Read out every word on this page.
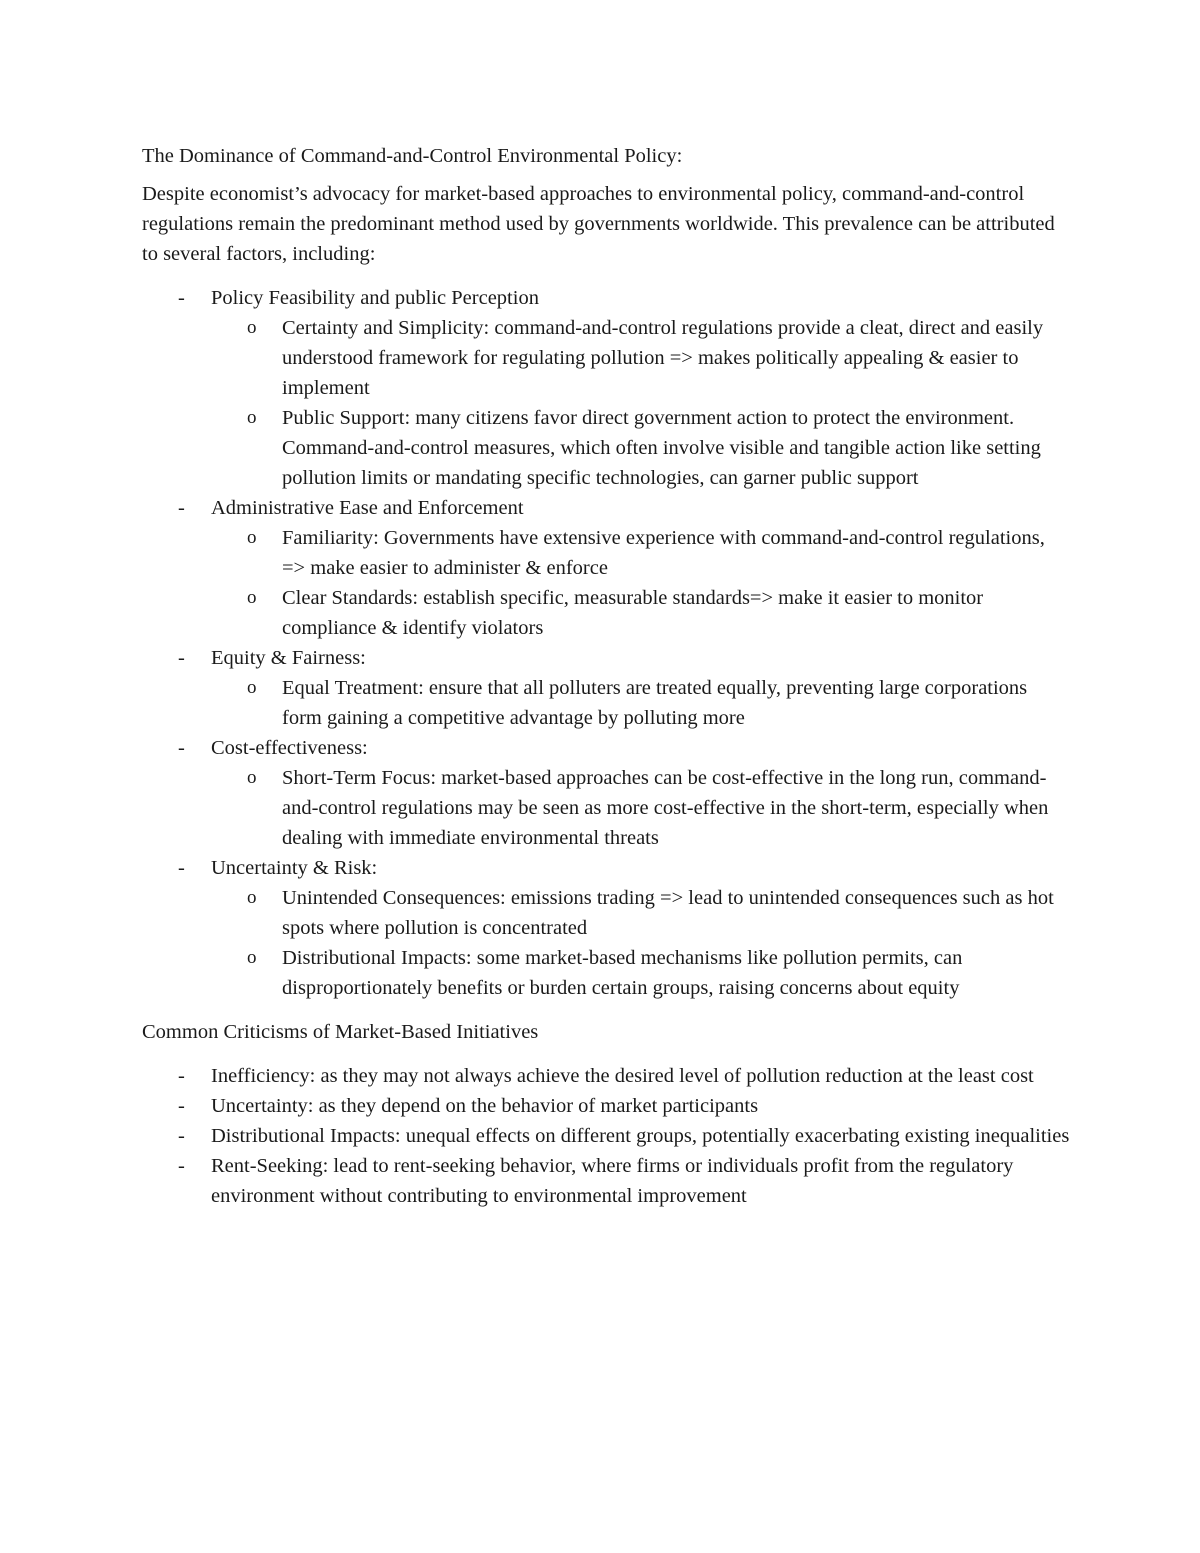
The Dominance of Command-and-Control Environmental Policy:

Despite economist’s advocacy for market-based approaches to environmental policy, command-and-control regulations remain the predominant method used by governments worldwide. This prevalence can be attributed to several factors, including:

- Policy Feasibility and public Perception
o Certainty and Simplicity: command-and-control regulations provide a cleat, direct and easily understood framework for regulating pollution => makes politically appealing & easier to implement
o Public Support: many citizens favor direct government action to protect the environment. Command-and-control measures, which often involve visible and tangible action like setting pollution limits or mandating specific technologies, can garner public support
- Administrative Ease and Enforcement
o Familiarity: Governments have extensive experience with command-and-control regulations, => make easier to administer & enforce
o Clear Standards: establish specific, measurable standards=> make it easier to monitor compliance & identify violators
- Equity & Fairness:
o Equal Treatment: ensure that all polluters are treated equally, preventing large corporations form gaining a competitive advantage by polluting more
- Cost-effectiveness:
o Short-Term Focus: market-based approaches can be cost-effective in the long run, command-and-control regulations may be seen as more cost-effective in the short-term, especially when dealing with immediate environmental threats
- Uncertainty & Risk:
o Unintended Consequences: emissions trading => lead to unintended consequences such as hot spots where pollution is concentrated
o Distributional Impacts: some market-based mechanisms like pollution permits, can disproportionately benefits or burden certain groups, raising concerns about equity

Common Criticisms of Market-Based Initiatives

- Inefficiency: as they may not always achieve the desired level of pollution reduction at the least cost
- Uncertainty: as they depend on the behavior of market participants
- Distributional Impacts: unequal effects on different groups, potentially exacerbating existing inequalities
- Rent-Seeking: lead to rent-seeking behavior, where firms or individuals profit from the regulatory environment without contributing to environmental improvement
